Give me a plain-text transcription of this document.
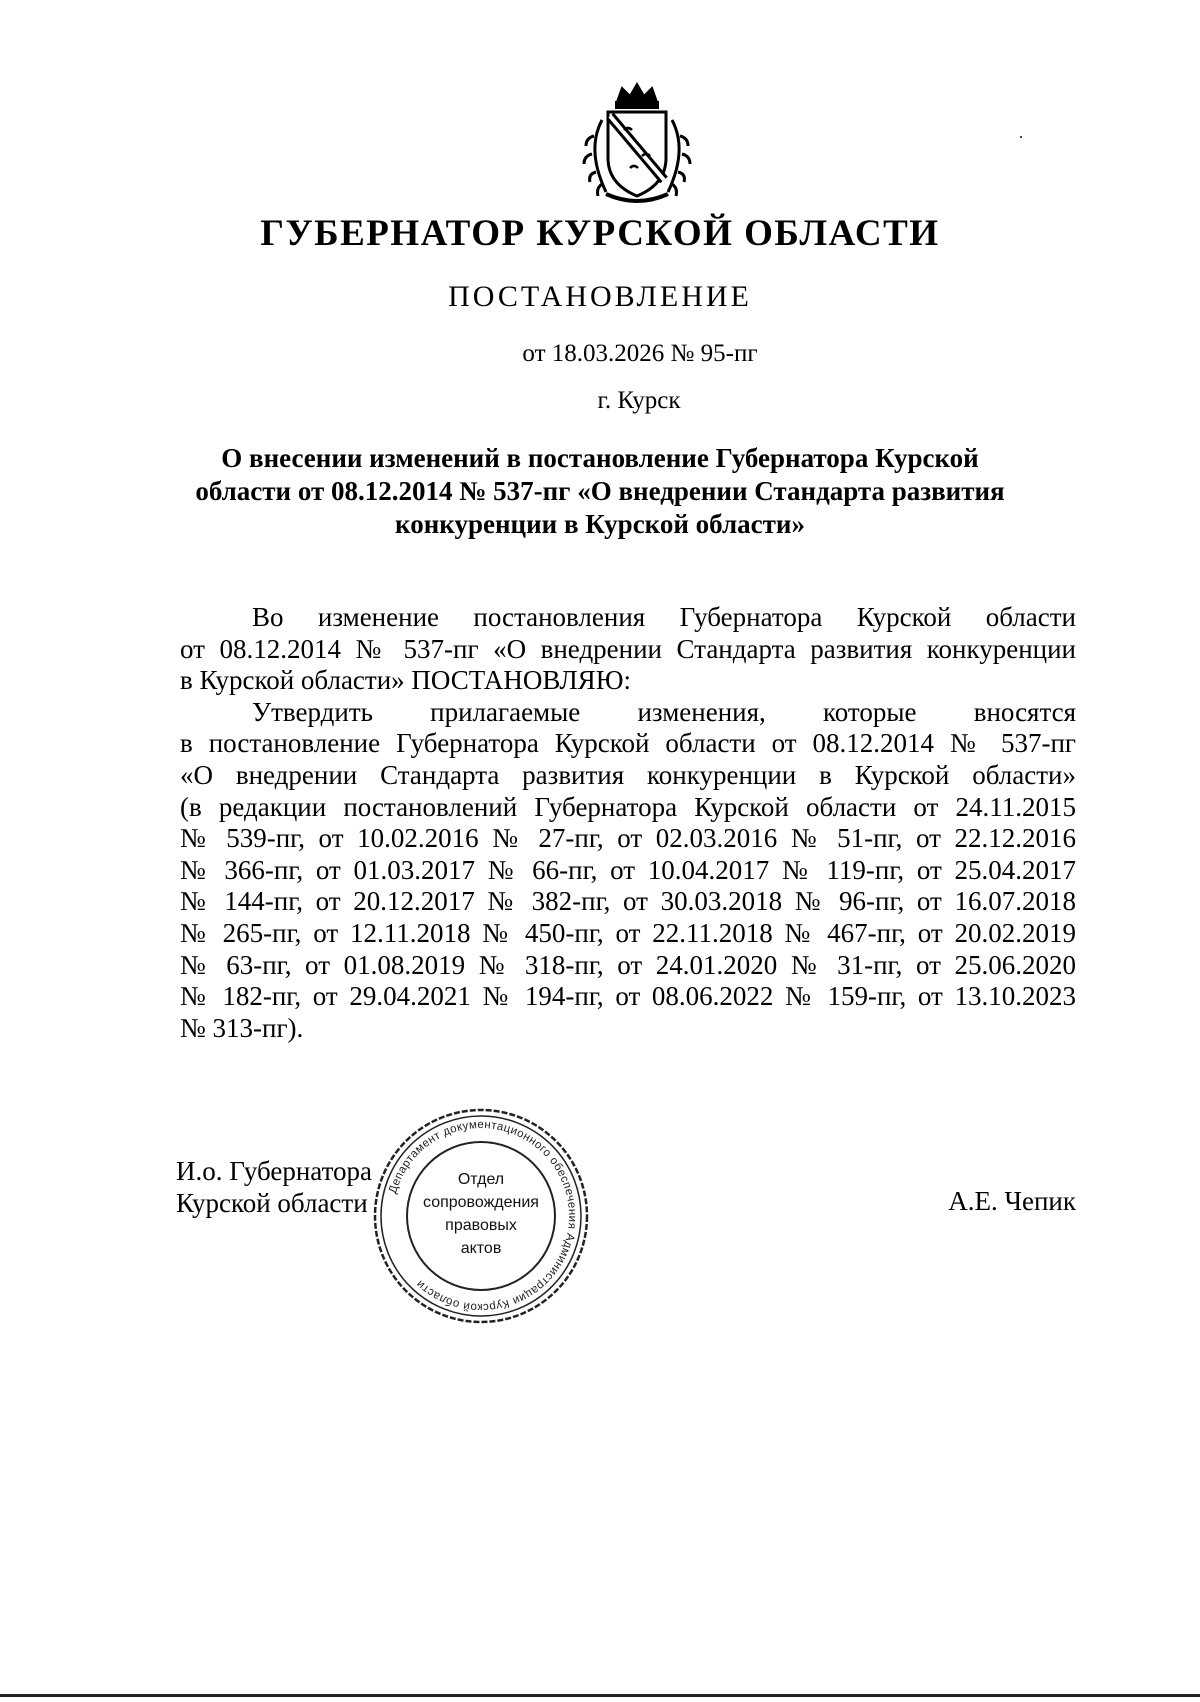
ГУБЕРНАТОР КУРСКОЙ ОБЛАСТИ
ПОСТАНОВЛЕНИЕ
от 18.03.2026 № 95-пг
г. Курск
О внесении изменений в постановление Губернатора Курской
области от 08.12.2014 № 537-пг «О внедрении Стандарта развития
конкуренции в Курской области»
Во изменение постановления Губернатора Курской области
от 08.12.2014 № 537-пг «О внедрении Стандарта развития конкуренции
в Курской области» ПОСТАНОВЛЯЮ:
Утвердить прилагаемые изменения, которые вносятся
в постановление Губернатора Курской области от 08.12.2014 № 537-пг
«О внедрении Стандарта развития конкуренции в Курской области»
(в редакции постановлений Губернатора Курской области от 24.11.2015
№ 539-пг, от 10.02.2016 № 27-пг, от 02.03.2016 № 51-пг, от 22.12.2016
№ 366-пг, от 01.03.2017 № 66-пг, от 10.04.2017 № 119-пг, от 25.04.2017
№ 144-пг, от 20.12.2017 № 382-пг, от 30.03.2018 № 96-пг, от 16.07.2018
№ 265-пг, от 12.11.2018 № 450-пг, от 22.11.2018 № 467-пг, от 20.02.2019
№ 63-пг, от 01.08.2019 № 318-пг, от 24.01.2020 № 31-пг, от 25.06.2020
№ 182-пг, от 29.04.2021 № 194-пг, от 08.06.2022 № 159-пг, от 13.10.2023
№ 313-пг).
Департамент документационного обеспечения Администрации Курской области
Отдел
сопровождения
правовых
актов
И.о. Губернатора
Курской области	А.Е. Чепик
